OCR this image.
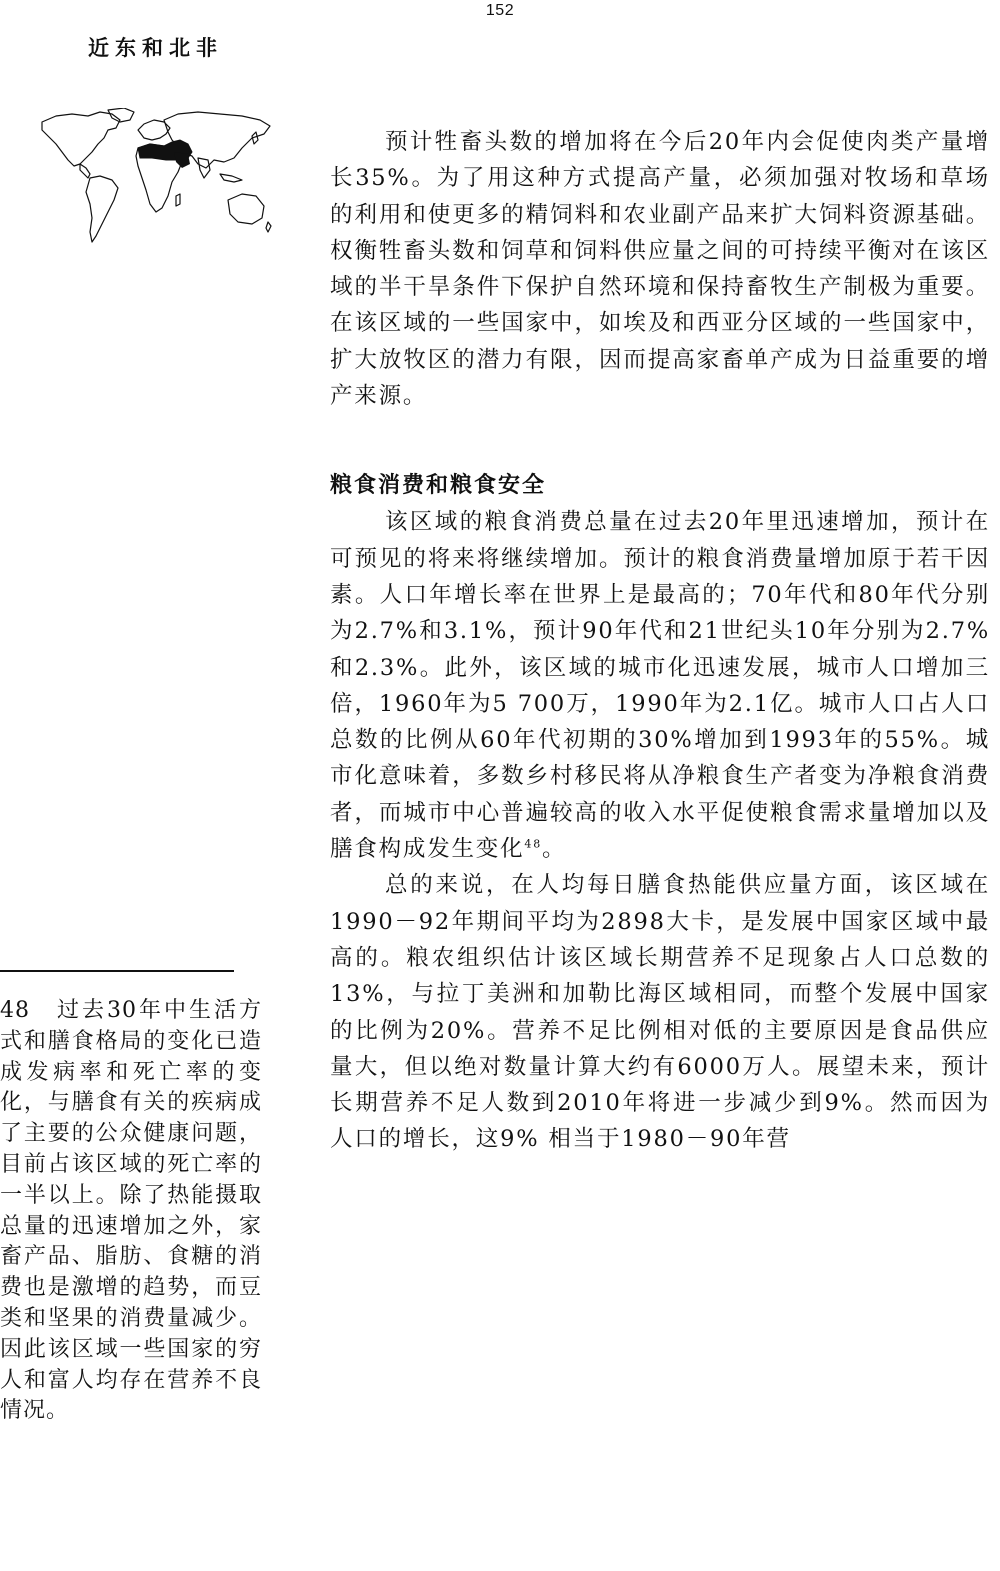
152
近东和北非

预计牲畜头数的增加将在今后20年内会促使肉类产量增长35%。为了用这种方式提高产量，必须加强对牧场和草场的利用和使更多的精饲料和农业副产品来扩大饲料资源基础。权衡牲畜头数和饲草和饲料供应量之间的可持续平衡对在该区域的半干旱条件下保护自然环境和保持畜牧生产制极为重要。在该区域的一些国家中，如埃及和西亚分区域的一些国家中，扩大放牧区的潜力有限，因而提高家畜单产成为日益重要的增产来源。

粮食消费和粮食安全

该区域的粮食消费总量在过去20年里迅速增加，预计在可预见的将来将继续增加。预计的粮食消费量增加原于若干因素。人口年增长率在世界上是最高的；70年代和80年代分别为2.7%和3.1%，预计90年代和21世纪头10年分别为2.7%和2.3%。此外，该区域的城市化迅速发展，城市人口增加三倍，1960年为5 700万，1990年为2.1亿。城市人口占人口总数的比例从60年代初期的30%增加到1993年的55%。城市化意味着，多数乡村移民将从净粮食生产者变为净粮食消费者，而城市中心普遍较高的收入水平促使粮食需求量增加以及膳食构成发生变化$^{48}$。

总的来说，在人均每日膳食热能供应量方面，该区域在1990－92年期间平均为2898大卡，是发展中国家区域中最高的。粮农组织估计该区域长期营养不足现象占人口总数的13%，与拉丁美洲和加勒比海区域相同，而整个发展中国家的比例为20%。营养不足比例相对低的主要原因是食品供应量大，但以绝对数量计算大约有6000万人。展望未来，预计长期营养不足人数到2010年将进一步减少到9%。然而因为人口的增长，这9% 相当于1980－90年营

48　过去30年中生活方式和膳食格局的变化已造成发病率和死亡率的变化，与膳食有关的疾病成了主要的公众健康问题，目前占该区域的死亡率的一半以上。除了热能摄取总量的迅速增加之外，家畜产品、脂肪、食糖的消费也是激增的趋势，而豆类和坚果的消费量减少。因此该区域一些国家的穷人和富人均存在营养不良情况。
